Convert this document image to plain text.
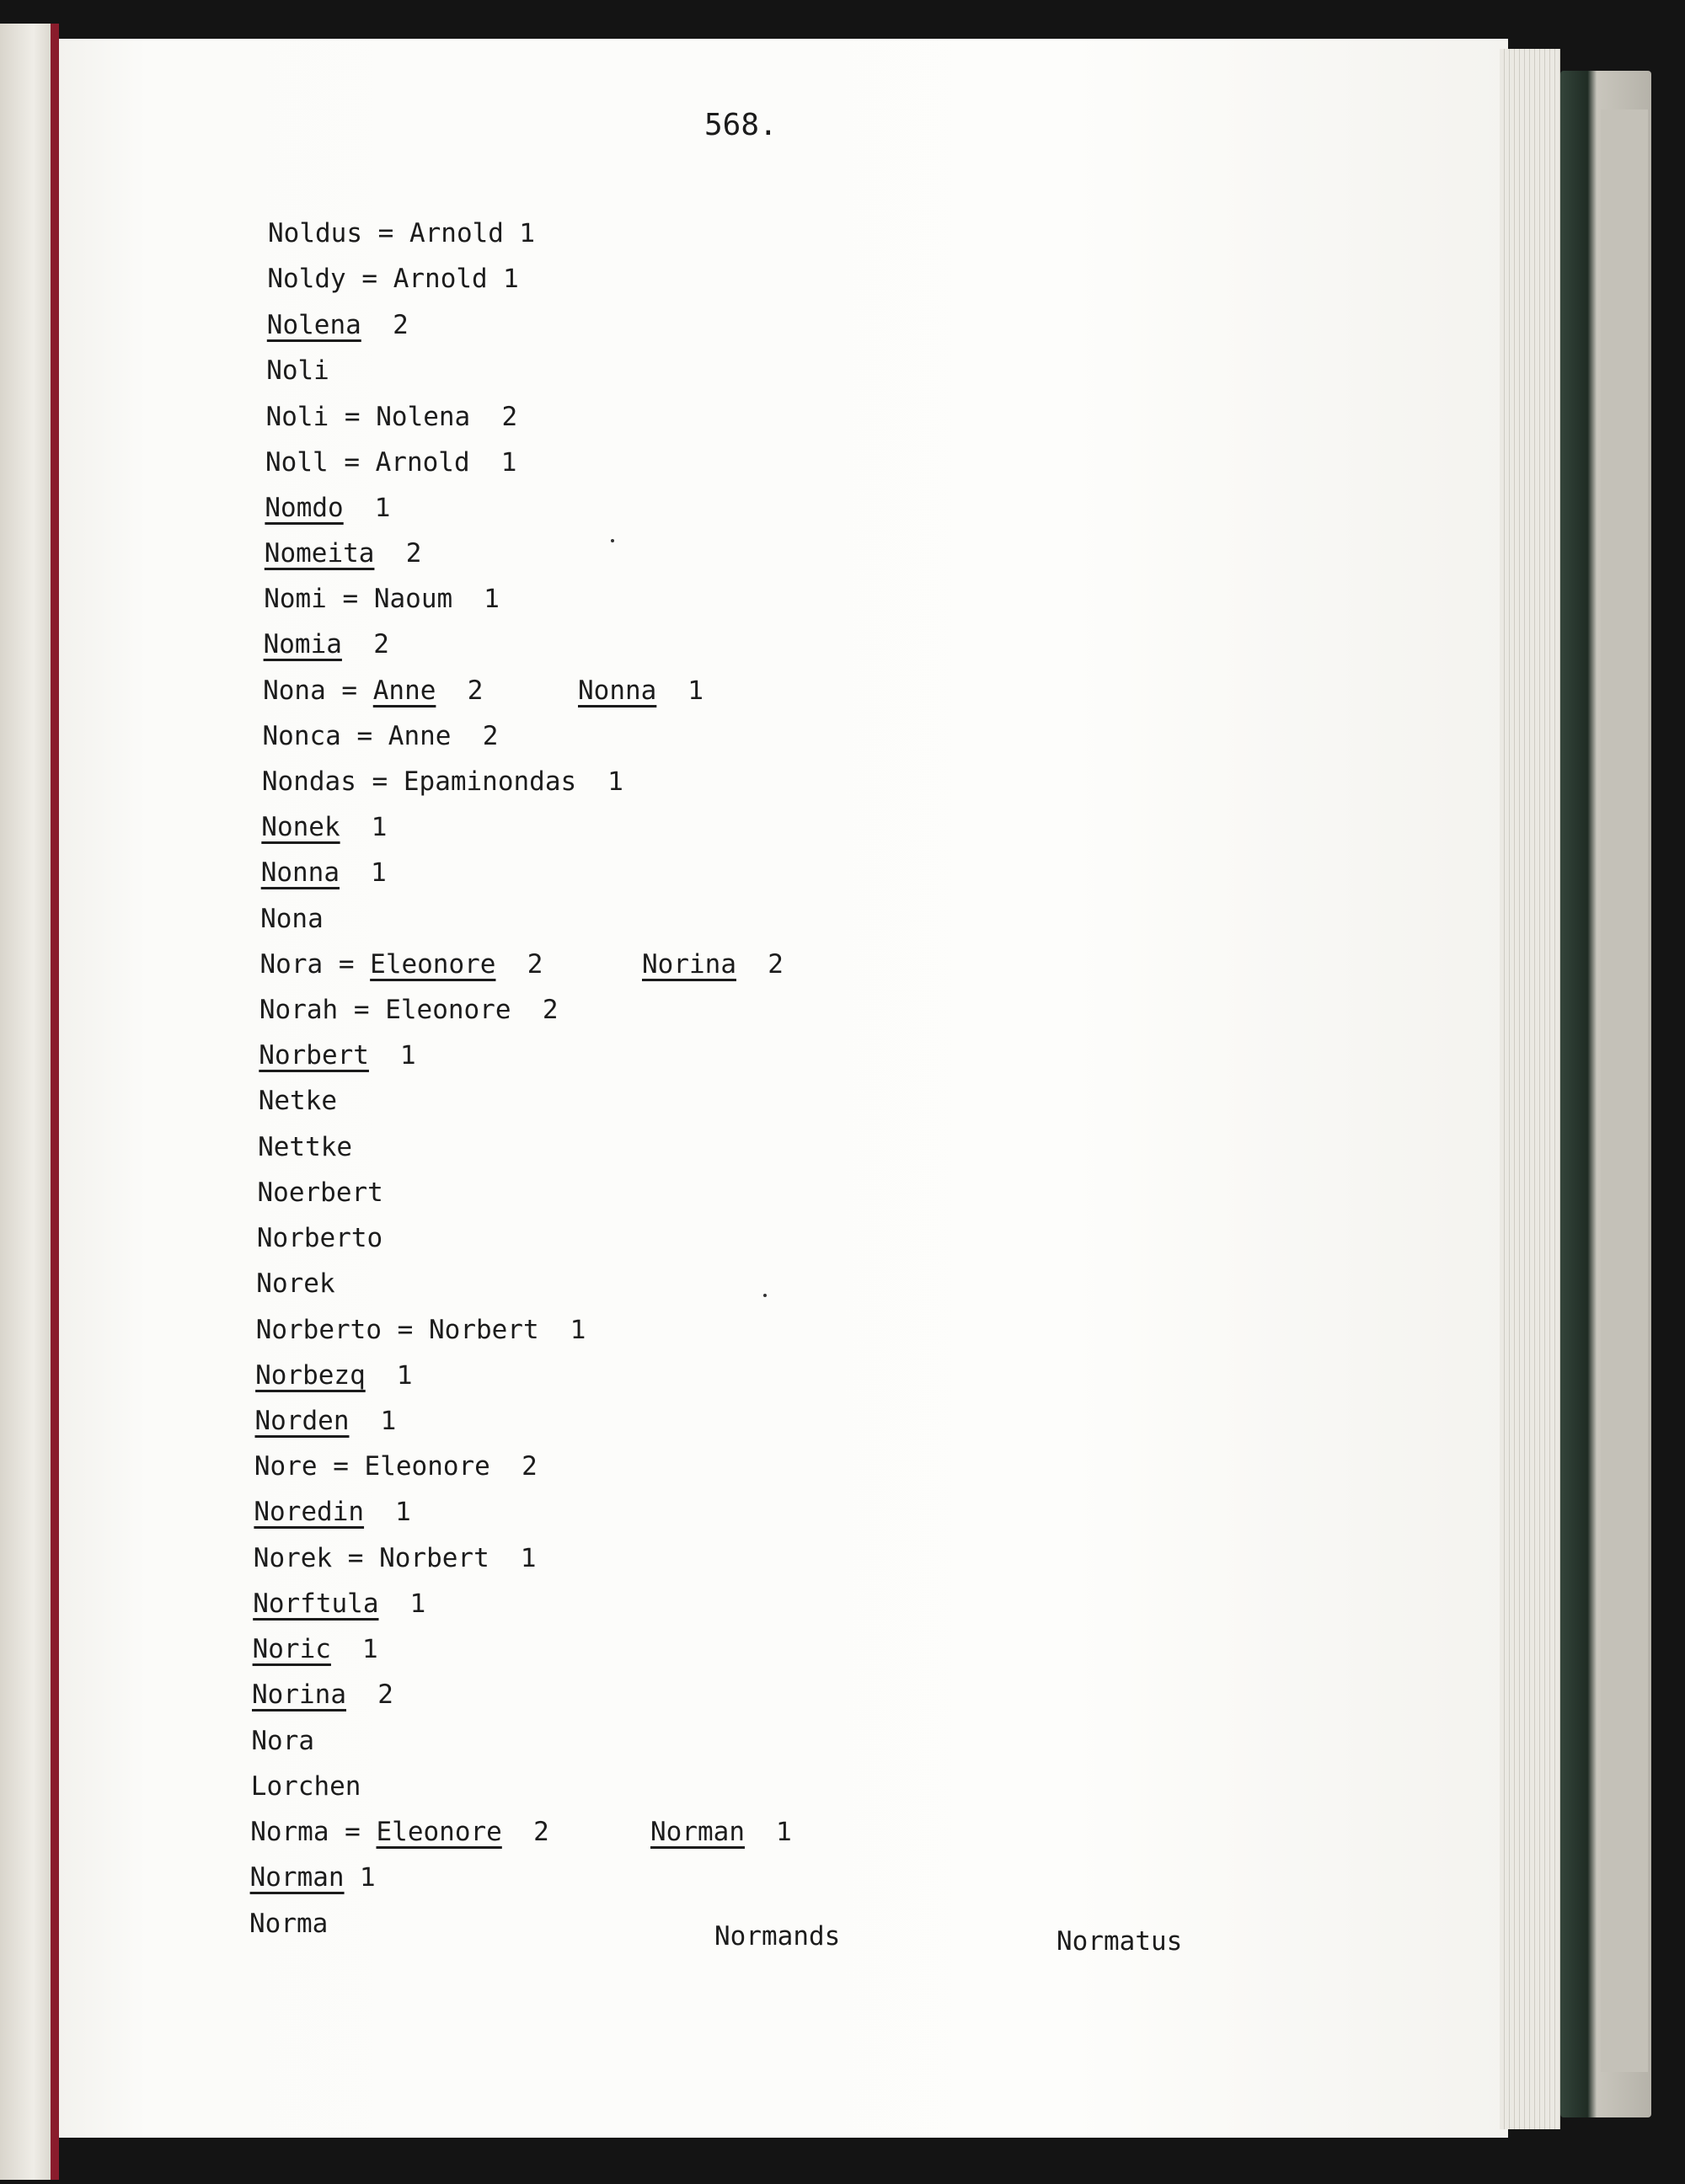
568.
Noldus = Arnold 1
Noldy = Arnold 1
Nolena  2
Noli
Noli = Nolena  2
Noll = Arnold  1
Nomdo 1
Nomeita  2
Nomi = Naoum  1
Nomia  2
Nona = Anne  2	Nonna 1
Nonca = Anne  2
Nondas = Epaminondas  1
Nonek 1
Nonna 1
Nona
Nora = Eleonore  2	Norina  2
Norah = Eleonore  2
Norbert 1
Netke
Nettke
Noerbert
Norberto
Norek
Norberto = Norbert  1
Norbezq 1
Norden 1
Nore = Eleonore  2
Noredin 1
Norek = Norbert  1
Norftula 1
Noric 1
Norina  2
Nora
Lorchen
Norma = Eleonore  2	Norman 1
Norman 1
Norma	Normands	Normatus
